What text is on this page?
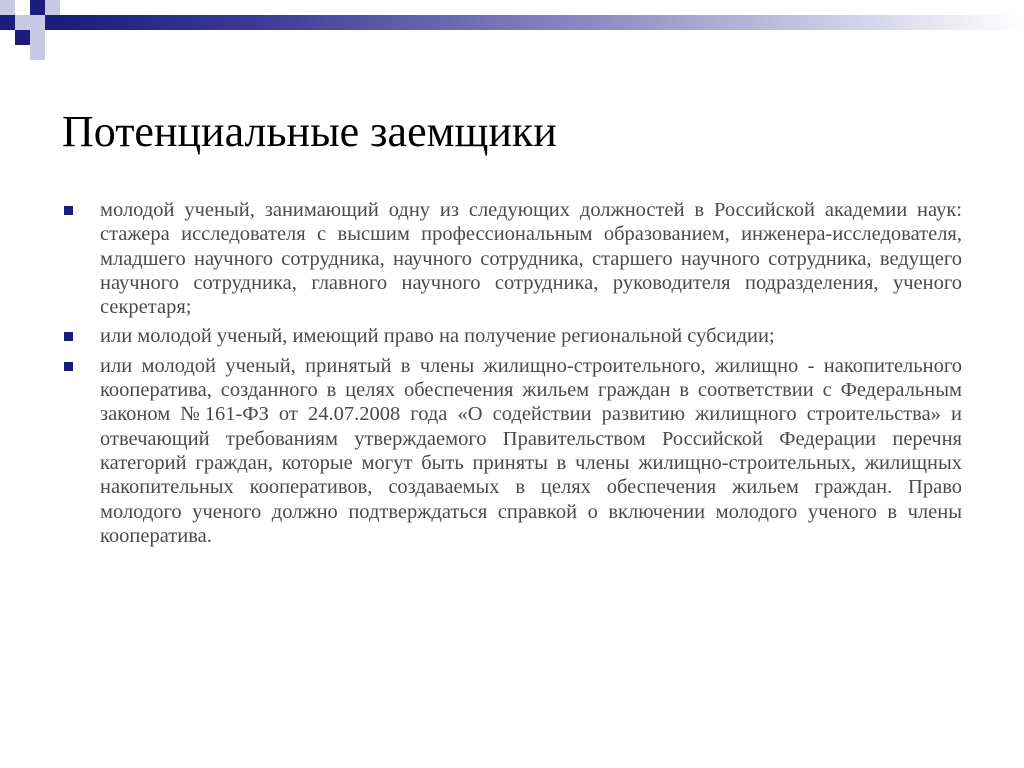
Потенциальные заемщики
молодой ученый, занимающий одну из следующих должностей в Российской академии наук: стажера исследователя с высшим профессиональным образованием, инженера-исследователя, младшего научного сотрудника, научного сотрудника, старшего научного сотрудника, ведущего научного сотрудника, главного научного сотрудника, руководителя подразделения, ученого секретаря;
или молодой ученый, имеющий право на получение региональной субсидии;
или молодой ученый, принятый в члены жилищно-строительного, жилищно - накопительного кооператива, созданного в целях обеспечения жильем граждан в соответствии с Федеральным законом №161-ФЗ от 24.07.2008 года «О содействии развитию жилищного строительства» и отвечающий требованиям утверждаемого Правительством Российской Федерации перечня категорий граждан, которые могут быть приняты в члены жилищно-строительных, жилищных накопительных кооперативов, создаваемых в целях обеспечения жильем граждан. Право молодого ученого должно подтверждаться справкой о включении молодого ученого в члены кооператива.
